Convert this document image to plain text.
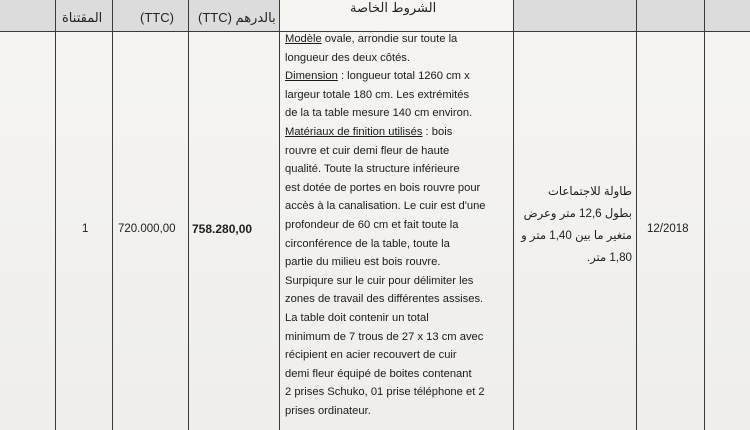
المقتناة	(TTC) (TTC) بالدرهم
الشروط الخاصة
1	720.000,00 758.280,00
Modèle ovale, arrondie sur toute la
longueur des deux côtés.
Dimension : longueur total 1260 cm x
largeur totale 180 cm. Les extrémités
de la ta table mesure 140 cm environ.
Matériaux de finition utilisés : bois
rouvre et cuir demi fleur de haute
qualité. Toute la structure inférieure
est dotée de portes en bois rouvre pour
accès à la canalisation. Le cuir est d'une
profondeur de 60 cm et fait toute la
circonférence de la table, toute la
partie du milieu est bois rouvre.
Surpiqure sur le cuir pour délimiter les
zones de travail des différentes assises.
La table doit contenir un total
minimum de 7 trous de 27 x 13 cm avec
récipient en acier recouvert de cuir
demi fleur équipé de boites contenant
2 prises Schuko, 01 prise téléphone et 2
prises ordinateur.
طاولة للاجتماعات
بطول 12,6 متر وعرض
متغير ما بين 1,40 متر و
1,80 متر.
12/2018
